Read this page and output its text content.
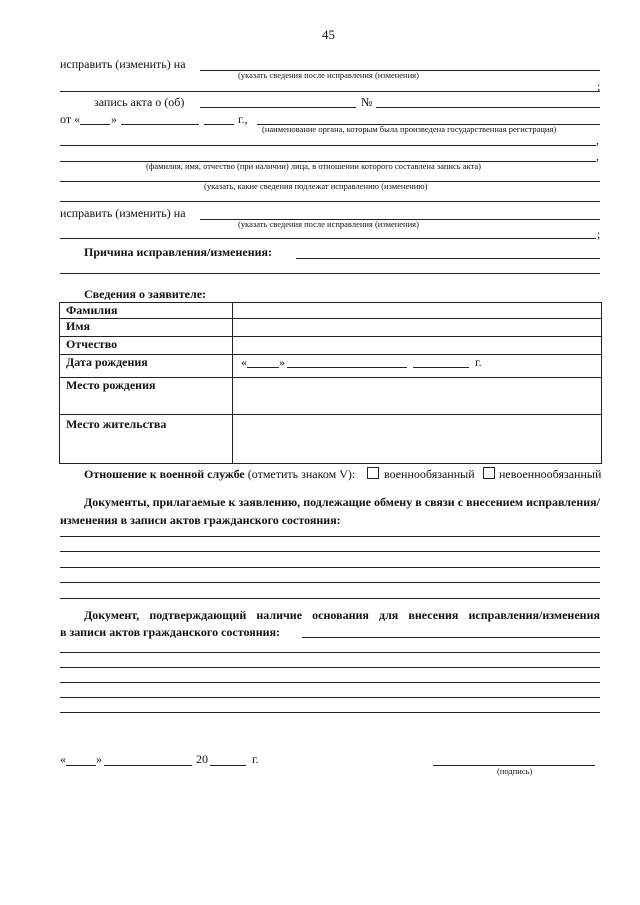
45
исправить (изменить) на
(указать сведения после исправления (изменения)
;
запись акта о (об)	№
от «	»	г.,
(наименование органа, которым была произведена государственная регистрация)
,
,
(фамилия, имя, отчество (при наличии) лица, в отношении которого составлена запись акта)
(указать, какие сведения подлежат исправлению (изменению)
исправить (изменить) на
(указать сведения после исправления (изменения)
;
Причина исправления/изменения:
Сведения о заявителе:
Фамилия	
Имя	
Отчество	
Дата рождения	« » г.

Место рождения	
Место жительства	
Отношение к военной службе (отметить знаком V): военнообязанный невоеннообязанный
Документы, прилагаемые к заявлению, подлежащие обмену в связи с внесением исправления/изменения в записи актов гражданского состояния:
Документ, подтверждающий наличие основания для внесения исправления/изменения
в записи актов гражданского состояния:
«	»	20	г.
(подпись)
